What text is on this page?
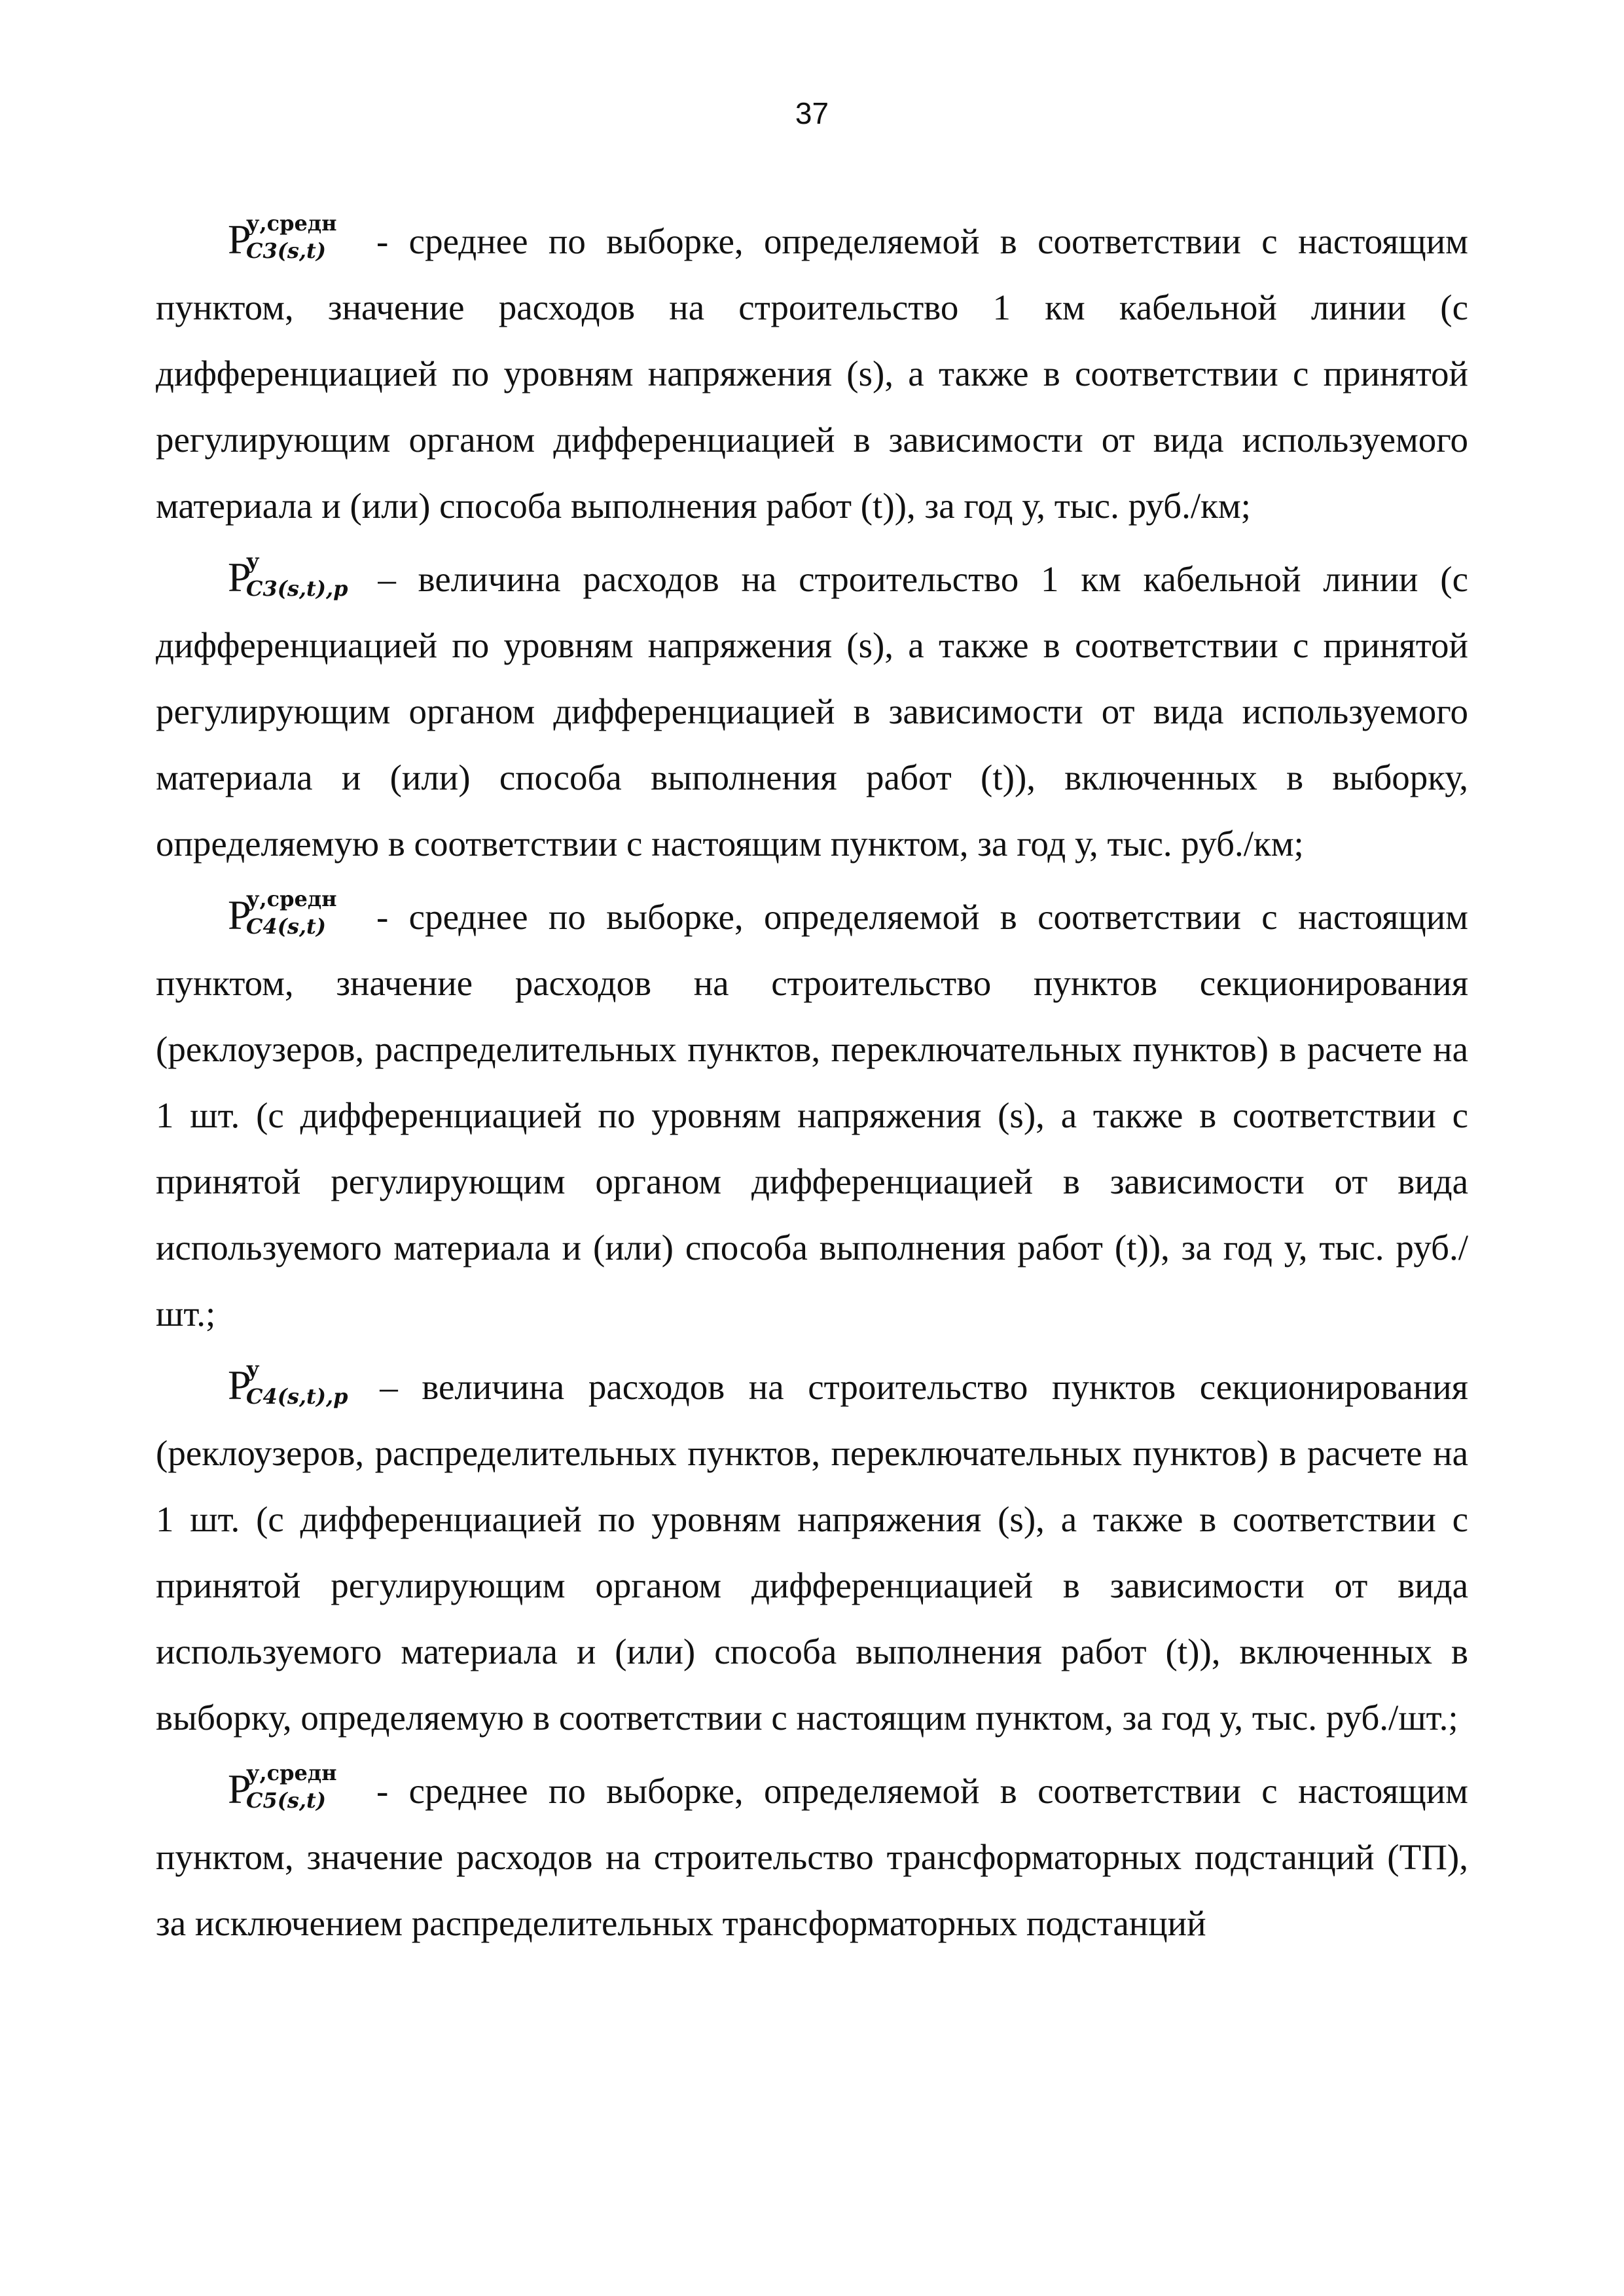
37

P
у,средн
C3(s,t) - среднее по выборке, определяемой в соответствии с настоящим пунктом, значение расходов на строительство 1 км кабельной линии (с дифференциацией по уровням напряжения (s), а также в соответствии с принятой регулирующим органом дифференциацией в зависимости от вида используемого материала и (или) способа выполнения работ (t)), за год у, тыс. руб./км;

P
у
C3(s,t),p – величина расходов на строительство 1 км кабельной линии (с дифференциацией по уровням напряжения (s), а также в соответствии с принятой регулирующим органом дифференциацией в зависимости от вида используемого материала и (или) способа выполнения работ (t)), включенных в выборку, определяемую в соответствии с настоящим пунктом, за год у, тыс. руб./км;

P
у,средн
C4(s,t) - среднее по выборке, определяемой в соответствии с настоящим пунктом, значение расходов на строительство пунктов секционирования (реклоузеров, распределительных пунктов, переключательных пунктов) в расчете на 1 шт. (с дифференциацией по уровням напряжения (s), а также в соответствии с принятой регулирующим органом дифференциацией в зависимости от вида используемого материала и (или) способа выполнения работ (t)), за год у, тыс. руб./шт.;

P
у
C4(s,t),p – величина расходов на строительство пунктов секционирования (реклоузеров, распределительных пунктов, переключательных пунктов) в расчете на 1 шт. (с дифференциацией по уровням напряжения (s), а также в соответствии с принятой регулирующим органом дифференциацией в зависимости от вида используемого материала и (или) способа выполнения работ (t)), включенных в выборку, определяемую в соответствии с настоящим пунктом, за год у, тыс. руб./шт.;

P
у,средн
C5(s,t) - среднее по выборке, определяемой в соответствии с настоящим пунктом, значение расходов на строительство трансформаторных подстанций (ТП), за исключением распределительных трансформаторных подстанций
